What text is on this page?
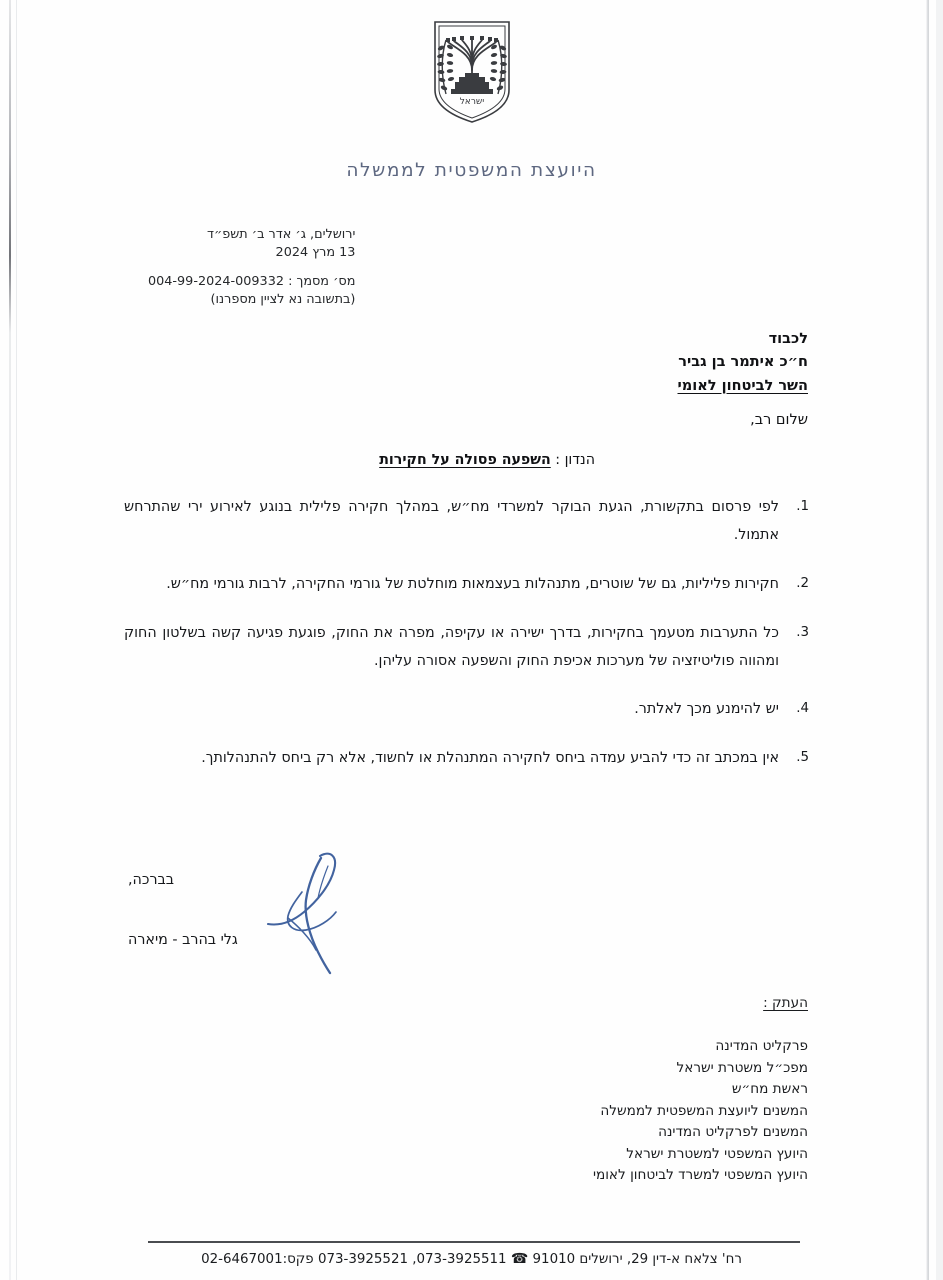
ישראל
היועצת המשפטית לממשלה
ירושלים, ג׳ אדר ב׳ תשפ״ד
13 מרץ 2024
מס׳ מסמך : 004-99-2024-009332
(בתשובה נא לציין מספרנו)
לכבוד
ח״כ איתמר בן גביר
השר לביטחון לאומי
שלום רב,
הנדון : השפעה פסולה על חקירות
.1
לפי פרסום בתקשורת, הגעת הבוקר למשרדי מח״ש, במהלך חקירה פלילית בנוגע לאירוע ירי שהתרחש אתמול.
.2
חקירות פליליות, גם של שוטרים, מתנהלות בעצמאות מוחלטת של גורמי החקירה, לרבות גורמי מח״ש.
.3
כל התערבות מטעמך בחקירות, בדרך ישירה או עקיפה, מפרה את החוק, פוגעת פגיעה קשה בשלטון החוק ומהווה פוליטיזציה של מערכות אכיפת החוק והשפעה אסורה עליהן.
.4
יש להימנע מכך לאלתר.
.5
אין במכתב זה כדי להביע עמדה ביחס לחקירה המתנהלת או לחשוד, אלא רק ביחס להתנהלותך.
בברכה,
גלי בהרב - מיארה
העתק :
פרקליט המדינה
מפכ״ל משטרת ישראל
ראשת מח״ש
המשנים ליועצת המשפטית לממשלה
המשנים לפרקליט המדינה
היועץ המשפטי למשטרת ישראל
היועץ המשפטי למשרד לביטחון לאומי
רח' צלאח א-דין 29, ירושלים 91010 ☎ 073-3925511, 073-3925521 פקס:02-6467001
